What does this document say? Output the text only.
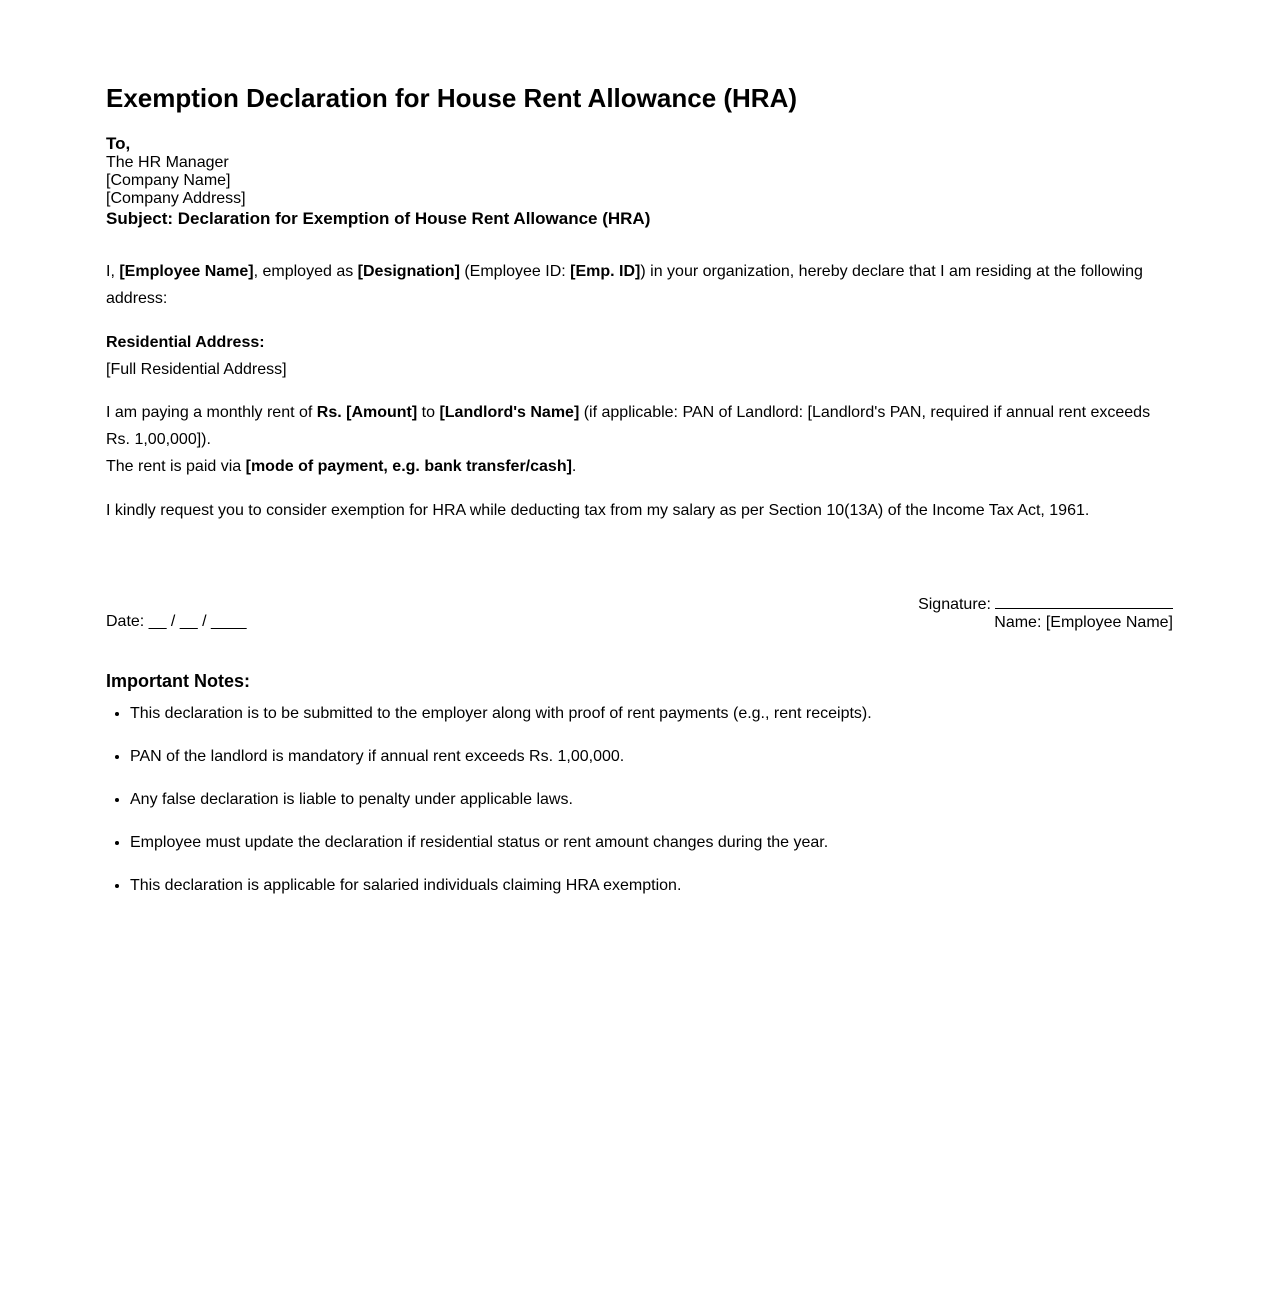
Exemption Declaration for House Rent Allowance (HRA)
To,
The HR Manager
[Company Name]
[Company Address]
Subject: Declaration for Exemption of House Rent Allowance (HRA)

I, [Employee Name], employed as [Designation] (Employee ID: [Emp. ID]) in your organization, hereby declare that I am residing at the following address:

Residential Address:

[Full Residential Address]

I am paying a monthly rent of Rs. [Amount] to [Landlord's Name] (if applicable: PAN of Landlord: [Landlord's PAN, required if annual rent exceeds Rs. 1,00,000]).

The rent is paid via [mode of payment, e.g. bank transfer/cash].

I kindly request you to consider exemption for HRA while deducting tax from my salary as per Section 10(13A) of the Income Tax Act, 1961.

Date: __ / __ / ____
Signature:
Name: [Employee Name]
Important Notes:
• This declaration is to be submitted to the employer along with proof of rent payments (e.g., rent receipts).
• PAN of the landlord is mandatory if annual rent exceeds Rs. 1,00,000.
• Any false declaration is liable to penalty under applicable laws.
• Employee must update the declaration if residential status or rent amount changes during the year.
• This declaration is applicable for salaried individuals claiming HRA exemption.
